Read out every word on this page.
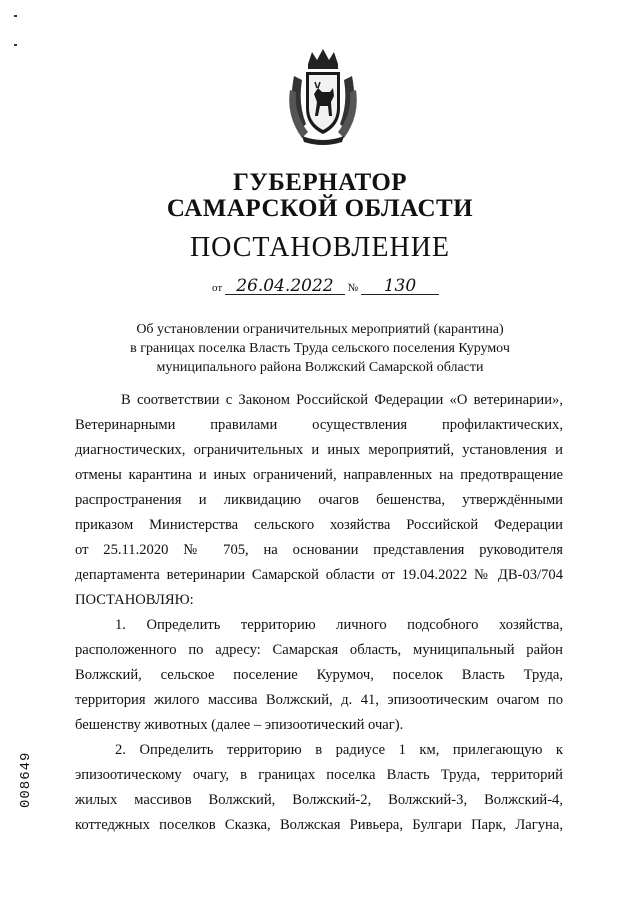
ГУБЕРНАТОР
САМАРСКОЙ ОБЛАСТИ
ПОСТАНОВЛЕНИЕ
от 26.04.2022 № 130
Об установлении ограничительных мероприятий (карантина)
в границах поселка Власть Труда сельского поселения Курумоч
муниципального района Волжский Самарской области

В соответствии с Законом Российской Федерации «О ветеринарии»,

Ветеринарными правилами осуществления профилактических,

диагностических, ограничительных и иных мероприятий, установления и

отмены карантина и иных ограничений, направленных на предотвращение

распространения и ликвидацию очагов бешенства, утверждёнными

приказом Министерства сельского хозяйства Российской Федерации

от 25.11.2020 № 705, на основании представления руководителя

департамента ветеринарии Самарской области от 19.04.2022 № ДВ-03/704

ПОСТАНОВЛЯЮ:

1. Определить территорию личного подсобного хозяйства,

расположенного по адресу: Самарская область, муниципальный район

Волжский, сельское поселение Курумоч, поселок Власть Труда,

территория жилого массива Волжский, д. 41, эпизоотическим очагом по

бешенству животных (далее – эпизоотический очаг).

2. Определить территорию в радиусе 1 км, прилегающую к

эпизоотическому очагу, в границах поселка Власть Труда, территорий

жилых массивов Волжский, Волжский-2, Волжский-3, Волжский-4,

коттеджных поселков Сказка, Волжская Ривьера, Булгари Парк, Лагуна,

008649
